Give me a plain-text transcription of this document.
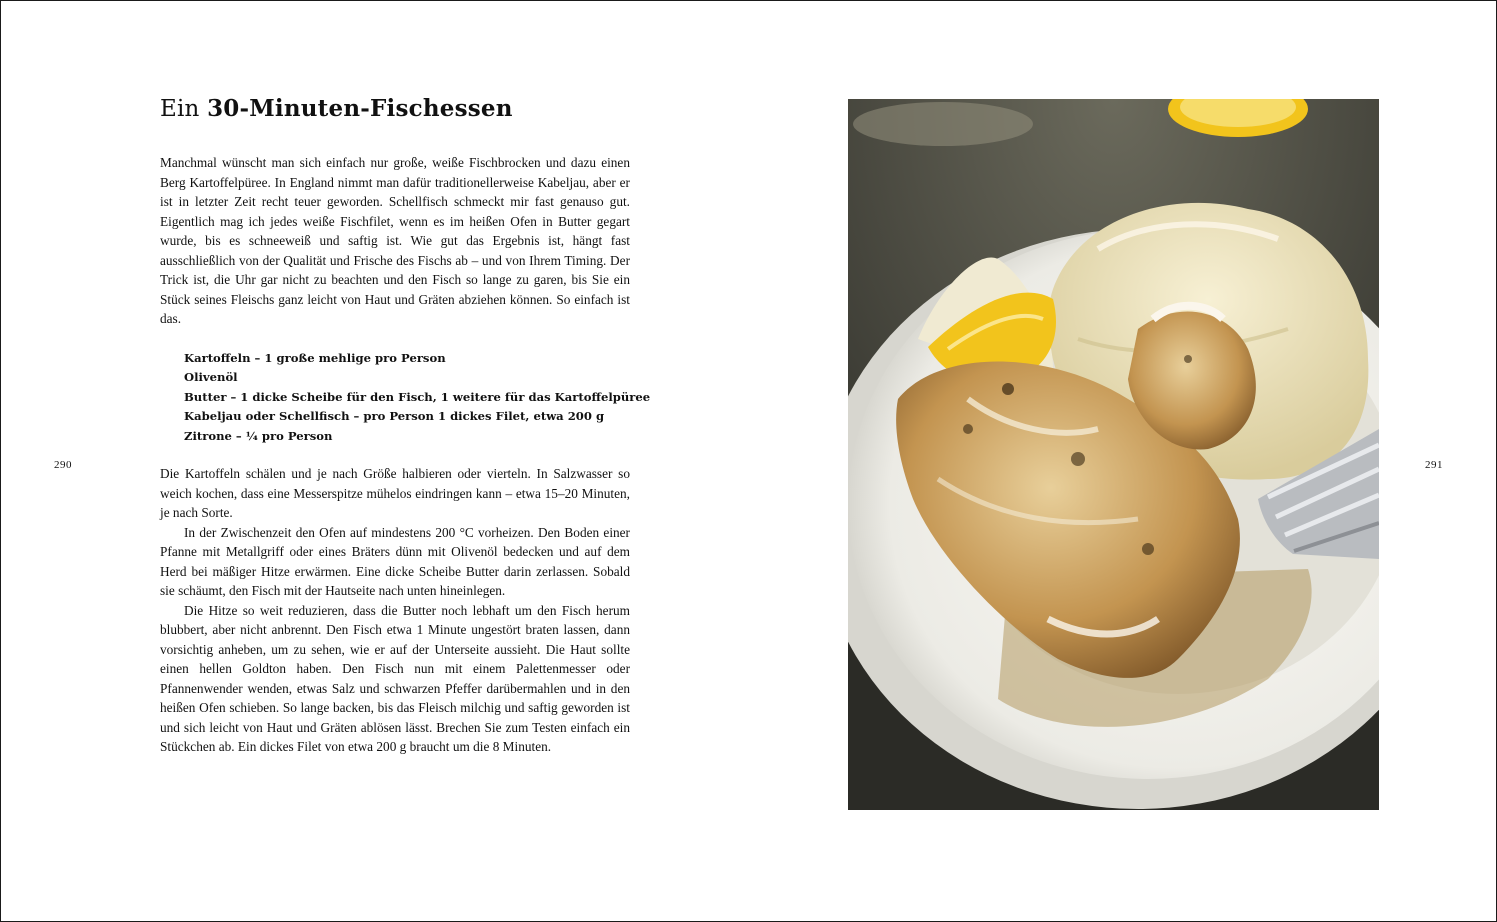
290	291
Ein 30-Minuten-Fischessen

Manchmal wünscht man sich einfach nur große, weiße Fischbrocken und dazu einen Berg Kartoffelpüree. In England nimmt man dafür traditionellerweise Kabeljau, aber er ist in letzter Zeit recht teuer geworden. Schellfisch schmeckt mir fast genauso gut. Eigentlich mag ich jedes weiße Fischfilet, wenn es im heißen Ofen in Butter gegart wurde, bis es schneeweiß und saftig ist. Wie gut das Ergebnis ist, hängt fast ausschließlich von der Qualität und Frische des Fischs ab – und von Ihrem Timing. Der Trick ist, die Uhr gar nicht zu beachten und den Fisch so lange zu garen, bis Sie ein Stück seines Fleischs ganz leicht von Haut und Gräten abziehen können. So einfach ist das.

Kartoffeln – 1 große mehlige pro Person
Olivenöl
Butter – 1 dicke Scheibe für den Fisch, 1 weitere für das Kartoffelpüree
Kabeljau oder Schellfisch – pro Person 1 dickes Filet, etwa 200 g
Zitrone – ¼ pro Person

Die Kartoffeln schälen und je nach Größe halbieren oder vierteln. In Salzwasser so weich kochen, dass eine Messerspitze mühelos eindringen kann – etwa 15–20 Minuten, je nach Sorte.

In der Zwischenzeit den Ofen auf mindestens 200 °C vorheizen. Den Boden einer Pfanne mit Metallgriff oder eines Bräters dünn mit Olivenöl bedecken und auf dem Herd bei mäßiger Hitze erwärmen. Eine dicke Scheibe Butter darin zerlassen. Sobald sie schäumt, den Fisch mit der Hautseite nach unten hineinlegen.

Die Hitze so weit reduzieren, dass die Butter noch lebhaft um den Fisch herum blubbert, aber nicht anbrennt. Den Fisch etwa 1 Minute ungestört braten lassen, dann vorsichtig anheben, um zu sehen, wie er auf der Unterseite aussieht. Die Haut sollte einen hellen Goldton haben. Den Fisch nun mit einem Palettenmesser oder Pfannenwender wenden, etwas Salz und schwarzen Pfeffer darübermahlen und in den heißen Ofen schieben. So lange backen, bis das Fleisch milchig und saftig geworden ist und sich leicht von Haut und Gräten ablösen lässt. Brechen Sie zum Testen einfach ein Stückchen ab. Ein dickes Filet von etwa 200 g braucht um die 8 Minuten.
